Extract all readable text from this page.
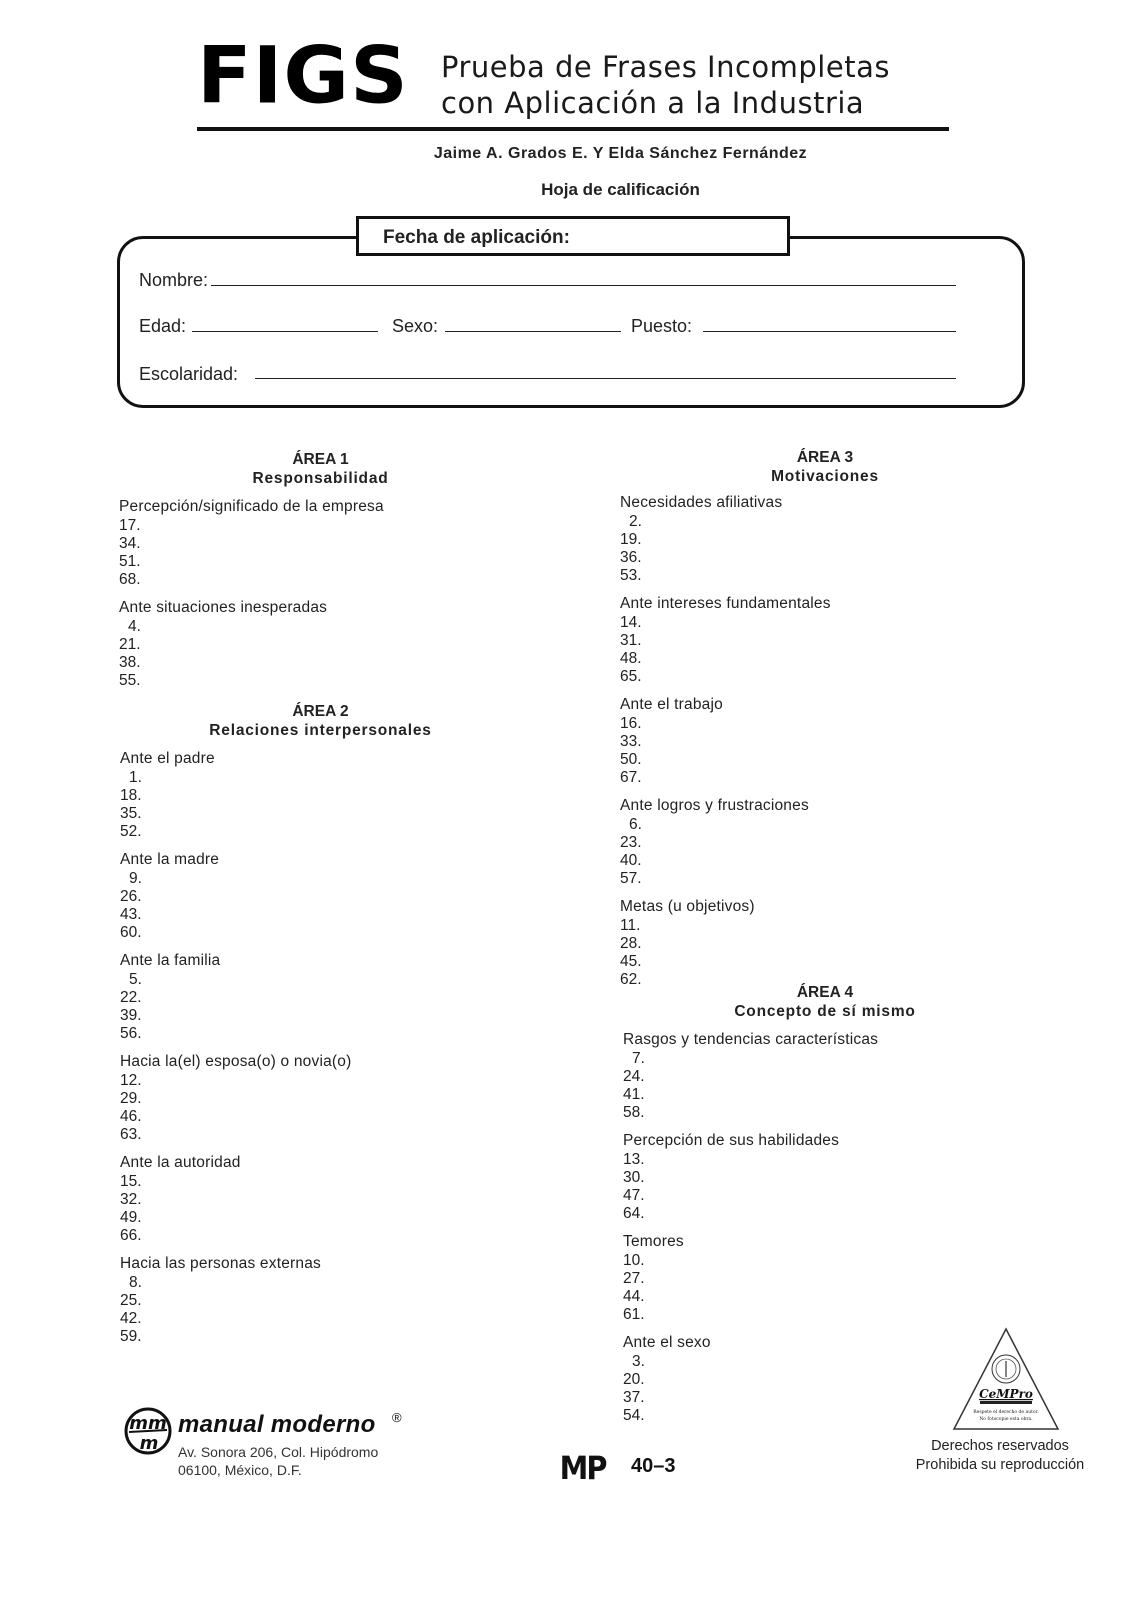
FIGS Prueba de Frases Incompletas
con Aplicación a la Industria
Jaime A. Grados E. Y Elda Sánchez Fernández
Hoja de calificación
Fecha de aplicación:
Nombre:
Edad:	Sexo:	Puesto:
Escolaridad:
ÁREA 1
Responsabilidad
Percepción/significado de la empresa
17.
34.
51.
68.
Ante situaciones inesperadas
4.
21.
38.
55.
ÁREA 2
Relaciones interpersonales
Ante el padre
1.
18.
35.
52.
Ante la madre
9.
26.
43.
60.
Ante la familia
5.
22.
39.
56.
Hacia la(el) esposa(o) o novia(o)
12.
29.
46.
63.
Ante la autoridad
15.
32.
49.
66.
Hacia las personas externas
8.
25.
42.
59.
ÁREA 3
Motivaciones
Necesidades afiliativas
2.
19.
36.
53.
Ante intereses fundamentales
14.
31.
48.
65.
Ante el trabajo
16.
33.
50.
67.
Ante logros y frustraciones
6.
23.
40.
57.
Metas (u objetivos)
11.
28.
45.
62.
ÁREA 4
Concepto de sí mismo
Rasgos y tendencias características
7.
24.
41.
58.
Percepción de sus habilidades
13.
30.
47.
64.
Temores
10.
27.
44.
61.
Ante el sexo
3.
20.
37.
54.
mm
m
manual moderno ®
Av. Sonora 206, Col. Hipódromo
06100, México, D.F.	MP 40–3
CeMPro
Respete el derecho de autor.
No fotocopie esta obra.
Derechos reservados
Prohibida su reproducción
